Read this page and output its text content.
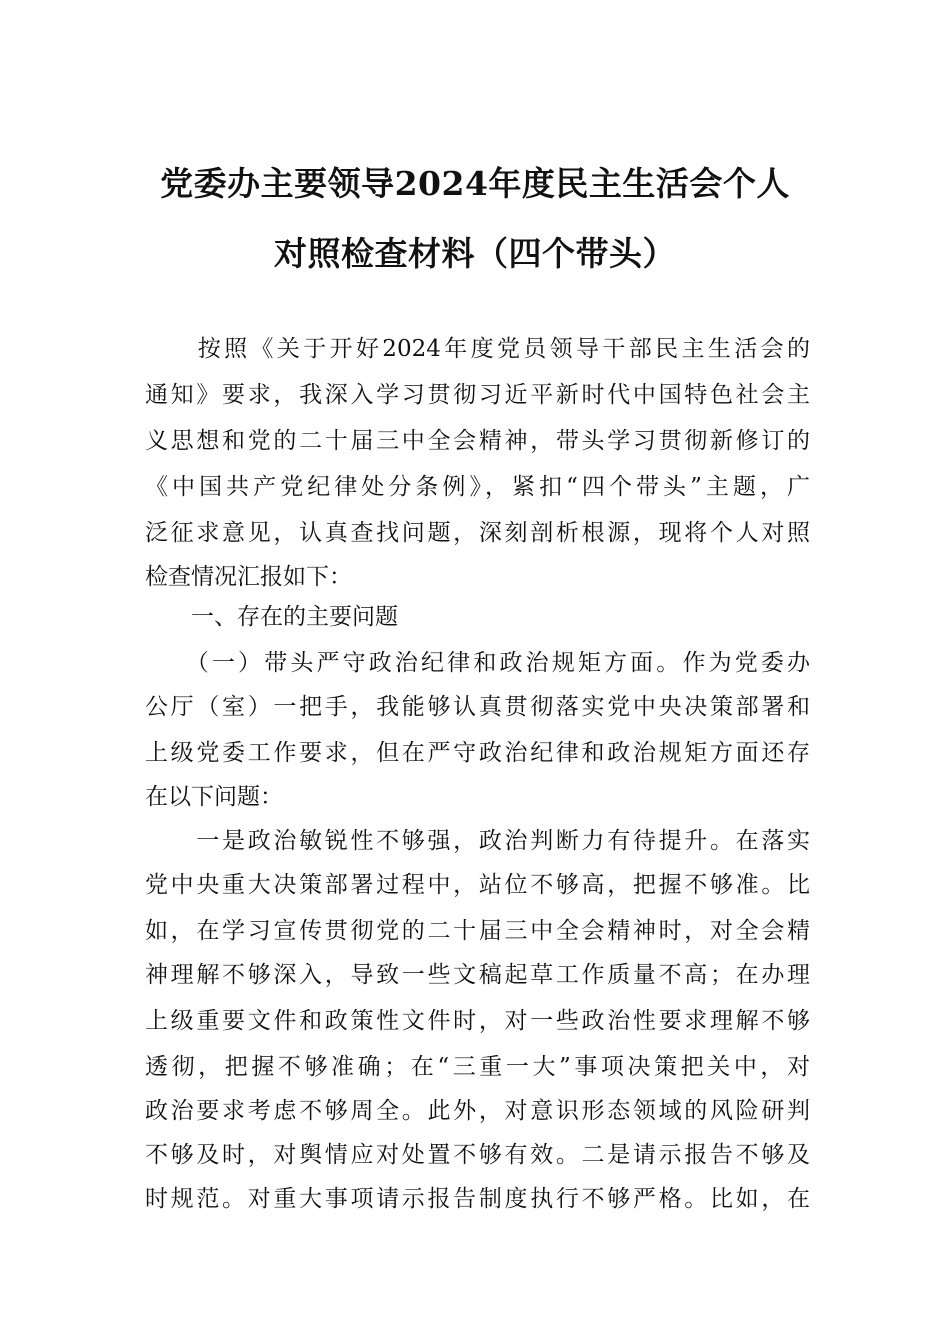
党委办主要领导2024年度民主生活会个人
对照检查材料（四个带头）
　　按照《关于开好2024年度党员领导干部民主生活会的
通知》要求，我深入学习贯彻习近平新时代中国特色社会主
义思想和党的二十届三中全会精神，带头学习贯彻新修订的
《中国共产党纪律处分条例》，紧扣“四个带头”主题，广
泛征求意见，认真查找问题，深刻剖析根源，现将个人对照
检查情况汇报如下：
　　一、存在的主要问题
　　（一）带头严守政治纪律和政治规矩方面。作为党委办
公厅（室）一把手，我能够认真贯彻落实党中央决策部署和
上级党委工作要求，但在严守政治纪律和政治规矩方面还存
在以下问题：
　　一是政治敏锐性不够强，政治判断力有待提升。在落实
党中央重大决策部署过程中，站位不够高，把握不够准。比
如，在学习宣传贯彻党的二十届三中全会精神时，对全会精
神理解不够深入，导致一些文稿起草工作质量不高；在办理
上级重要文件和政策性文件时，对一些政治性要求理解不够
透彻，把握不够准确；在“三重一大”事项决策把关中，对
政治要求考虑不够周全。此外，对意识形态领域的风险研判
不够及时，对舆情应对处置不够有效。二是请示报告不够及
时规范。对重大事项请示报告制度执行不够严格。比如，在
